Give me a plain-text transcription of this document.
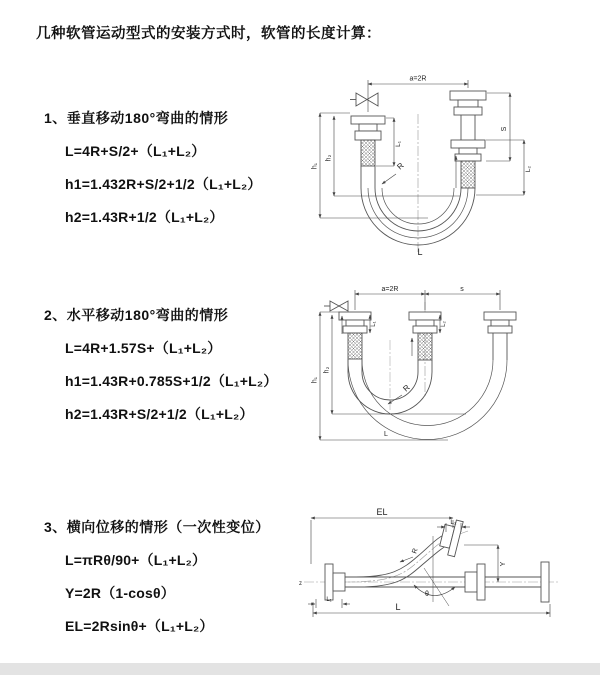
几种软管运动型式的安装方式时，软管的长度计算：
1、垂直移动180°弯曲的情形
L=4R+S/2+（L₁+L₂）
h1=1.432R+S/2+1/2（L₁+L₂）
h2=1.43R+1/2（L₁+L₂）
2、水平移动180°弯曲的情形
L=4R+1.57S+（L₁+L₂）
h1=1.43R+0.785S+1/2（L₁+L₂）
h2=1.43R+S/2+1/2（L₁+L₂）
3、横向位移的情形（一次性变位）
L=πRθ/90+（L₁+L₂）
Y=2R（1-cosθ）
EL=2Rsinθ+（L₁+L₂）
a=2R
h₁
h₂
L₁
S
L₂
R
L
a=2R	s
h₁
h₂
L₁	L₂
R
L
z
EL
L₂
Y
R
θ
L
L₁
